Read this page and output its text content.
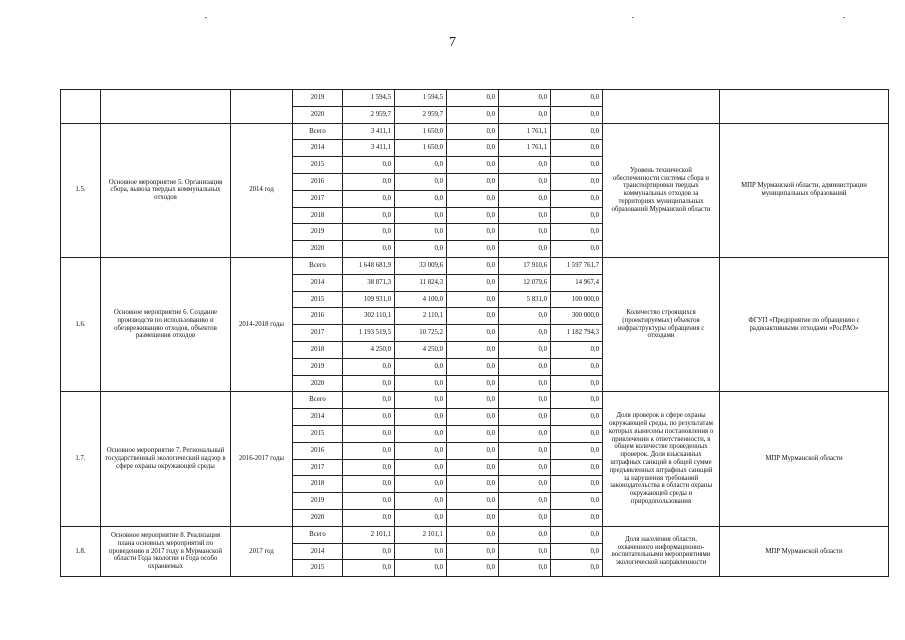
7
			2019	1 594,5	1 594,5	0,0	0,0	0,0		
			2020	2 959,7	2 959,7	0,0	0,0	0,0		
1.5.	Основное мероприятие 5. Организация сбора, вывоза твердых коммунальных отходов	2014 год	Всего	3 411,1	1 650,0	0,0	1 761,1	0,0	Уровень технической обеспеченности системы сбора и транспортировки твердых коммунальных отходов за территориях муниципальных образований Мурманской области	МПР Мурманской области, администрации муниципальных образований
			2014	3 411,1	1 650,0	0,0	1 761,1	0,0		
			2015	0,0	0,0	0,0	0,0	0,0		
			2016	0,0	0,0	0,0	0,0	0,0		
			2017	0,0	0,0	0,0	0,0	0,0		
			2018	0,0	0,0	0,0	0,0	0,0		
			2019	0,0	0,0	0,0	0,0	0,0		
			2020	0,0	0,0	0,0	0,0	0,0		
1.6.	Основное мероприятие 6. Создание производств по использованию и обезвреживанию отходов, объектов размещения отходов	2014-2018 годы	Всего	1 648 681,9	33 009,6	0,0	17 910,6	1 597 761,7	Количество строящихся (проектируемых) объектов инфраструктуры обращения с отходами	ФГУП «Предприятие по обращению с радиоактивными отходами «РосРАО»
			2014	38 871,3	11 824,3	0,0	12 079,6	14 967,4		
			2015	109 931,0	4 100,0	0,0	5 831,0	100 000,0		
			2016	302 110,1	2 110,1	0,0	0,0	300 000,0		
			2017	1 193 519,5	10 725,2	0,0	0,0	1 182 794,3		
			2018	4 250,0	4 250,0	0,0	0,0	0,0		
			2019	0,0	0,0	0,0	0,0	0,0		
			2020	0,0	0,0	0,0	0,0	0,0		
1.7.	Основное мероприятие 7. Региональный государственный экологический надзор в сфере охраны окружающей среды	2016-2017 годы	Всего	0,0	0,0	0,0	0,0	0,0	Доля проверок в сфере охраны окружающей среды, по результатам которых вынесены постановления о привлечении к ответственности, в общем количестве проведенных проверок. Доля взысканных штрафных санкций в общей сумме предъявленных штрафных санкций за нарушения требований законодательства в области охраны окружающей среды и природопользования	МПР Мурманской области
			2014	0,0	0,0	0,0	0,0	0,0		
			2015	0,0	0,0	0,0	0,0	0,0		
			2016	0,0	0,0	0,0	0,0	0,0		
			2017	0,0	0,0	0,0	0,0	0,0		
			2018	0,0	0,0	0,0	0,0	0,0		
			2019	0,0	0,0	0,0	0,0	0,0		
			2020	0,0	0,0	0,0	0,0	0,0		
1.8.	Основное мероприятие 8. Реализация плана основных мероприятий по проведению в 2017 году в Мурманской области Года экологии и Года особо охраняемых	2017 год	Всего	2 101,1	2 101,1	0,0	0,0	0,0	Доля населения области, охваченного информационно-воспитательными мероприятиями экологической направленности	МПР Мурманской области
			2014	0,0	0,0	0,0	0,0	0,0		
			2015	0,0	0,0	0,0	0,0	0,0		
